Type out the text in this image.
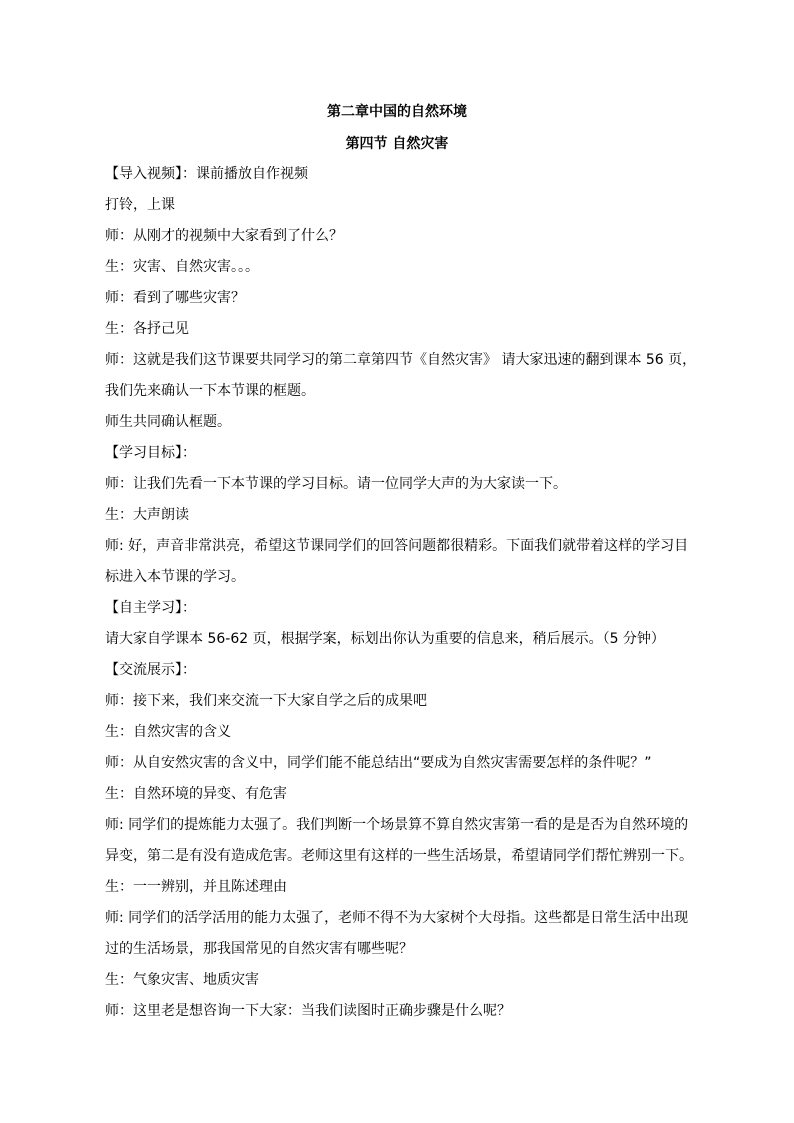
第二章中国的自然环境
第四节 自然灾害
【导入视频】：课前播放自作视频
打铃，上课
师：从刚才的视频中大家看到了什么？
生：灾害、自然灾害。。。
师：看到了哪些灾害？
生：各抒己见
师：这就是我们这节课要共同学习的第二章第四节《自然灾害》 请大家迅速的翻到课本 56 页，
我们先来确认一下本节课的框题。
师生共同确认框题。
【学习目标】：
师：让我们先看一下本节课的学习目标。请一位同学大声的为大家读一下。
生：大声朗读
师: 好，声音非常洪亮，希望这节课同学们的回答问题都很精彩。下面我们就带着这样的学习目
标进入本节课的学习。
【自主学习】：
请大家自学课本 56-62 页，根据学案，标划出你认为重要的信息来，稍后展示。（5 分钟）
【交流展示】：
师：接下来，我们来交流一下大家自学之后的成果吧
生：自然灾害的含义
师：从自安然灾害的含义中，同学们能不能总结出“要成为自然灾害需要怎样的条件呢？”
生：自然环境的异变、有危害
师: 同学们的提炼能力太强了。我们判断一个场景算不算自然灾害第一看的是是否为自然环境的
异变，第二是有没有造成危害。老师这里有这样的一些生活场景，希望请同学们帮忙辨别一下。
生：一一辨别，并且陈述理由
师: 同学们的活学活用的能力太强了，老师不得不为大家树个大母指。这些都是日常生活中出现
过的生活场景，那我国常见的自然灾害有哪些呢？
生：气象灾害、地质灾害
师：这里老是想咨询一下大家：当我们读图时正确步骤是什么呢？
